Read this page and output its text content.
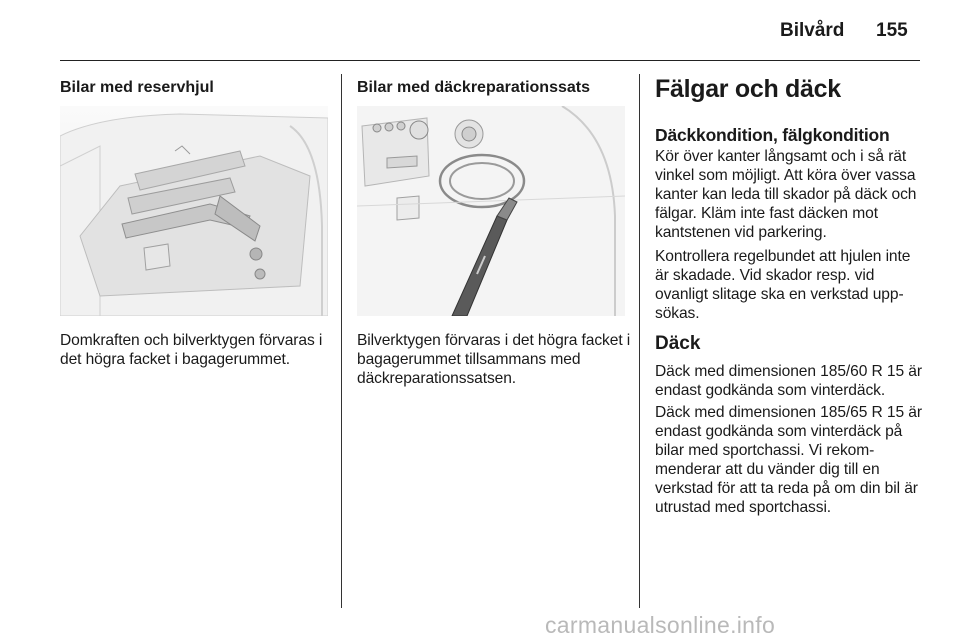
Bilvård 155
Bilar med reservhjul
Domkraften och bilverktygen förvaras i det högra facket i bagagerummet.
Bilar med däckreparationssats
Bilverktygen förvaras i det högra facket i bagagerummet tillsammans med däckreparationssatsen.
Fälgar och däck
Däckkondition, fälgkondition
Kör över kanter långsamt och i så rät vinkel som möjligt. Att köra över vassa kanter kan leda till skador på däck och fälgar. Kläm inte fast däcken mot kantstenen vid parkering.
Kontrollera regelbundet att hjulen inte är skadade. Vid skador resp. vid ovanligt slitage ska en verkstad upp-sökas.
Däck
Däck med dimensionen 185/60 R 15 är endast godkända som vinterdäck.
Däck med dimensionen 185/65 R 15 är endast godkända som vinterdäck på bilar med sportchassi. Vi rekom-menderar att du vänder dig till en verkstad för att ta reda på om din bil är utrustad med sportchassi.
carmanualsonline.info
